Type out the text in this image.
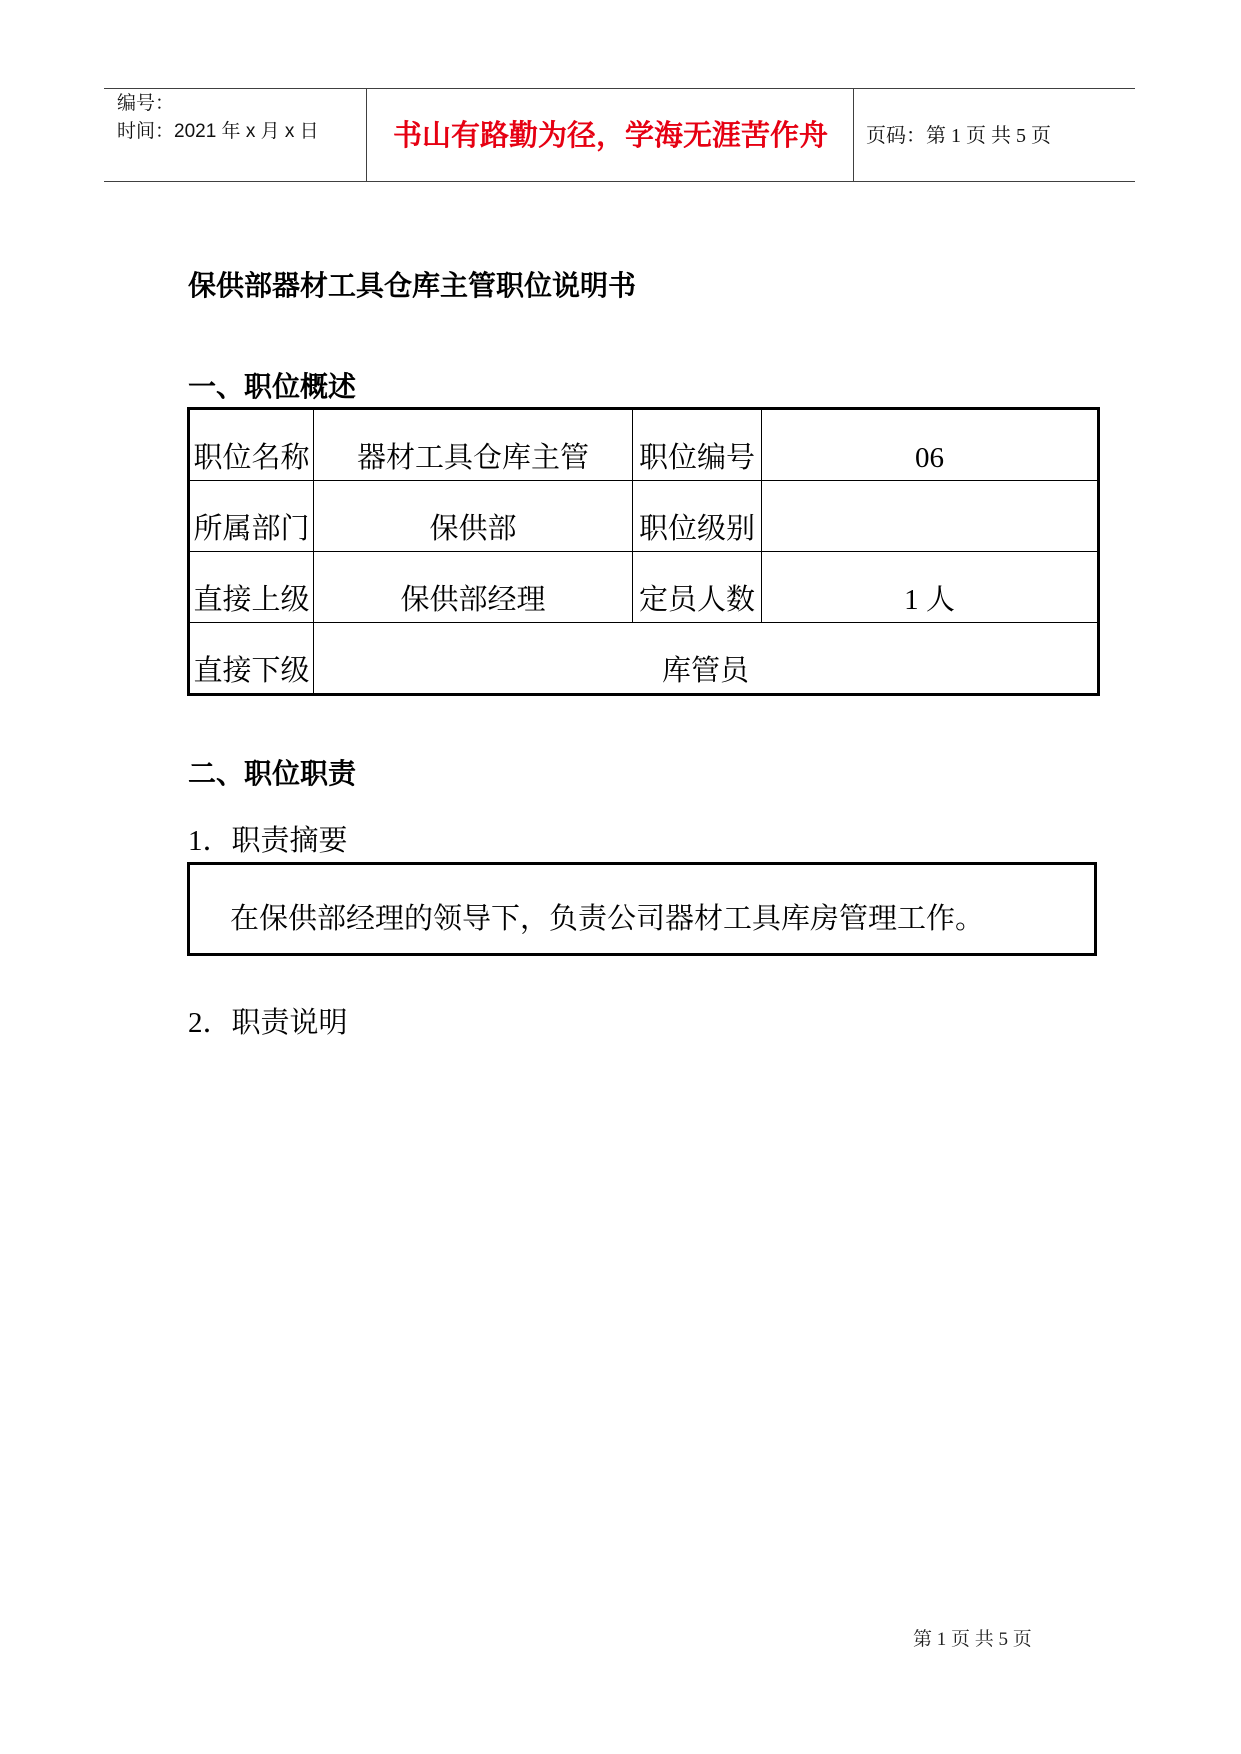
编号：
时间：2021 年 x 月 x 日	书山有路勤为径，学海无涯苦作舟	页码：第 1 页 共 5 页
保供部器材工具仓库主管职位说明书
一、职位概述
职位名称	器材工具仓库主管	职位编号	06
所属部门	保供部	职位级别	
直接上级	保供部经理	定员人数	1 人
直接下级	库管员		
二、职位职责
1．职责摘要
在保供部经理的领导下，负责公司器材工具库房管理工作。
2．职责说明
第 1 页 共 5 页
